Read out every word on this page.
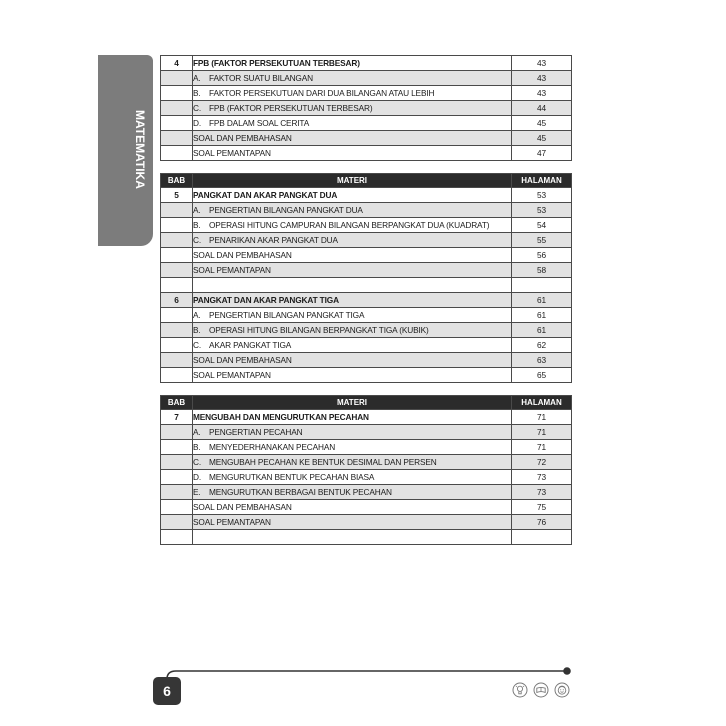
MATEMATIKA
4	FPB (FAKTOR PERSEKUTUAN TERBESAR)	43
	A. FAKTOR SUATU BILANGAN	43
	B. FAKTOR PERSEKUTUAN DARI DUA BILANGAN ATAU LEBIH	43
	C. FPB (FAKTOR PERSEKUTUAN TERBESAR)	44
	D. FPB DALAM SOAL CERITA	45
	SOAL DAN PEMBAHASAN	45
	SOAL PEMANTAPAN	47
BAB	MATERI	HALAMAN
5	PANGKAT DAN AKAR PANGKAT DUA	53
	A. PENGERTIAN BILANGAN PANGKAT DUA	53
	B. OPERASI HITUNG CAMPURAN BILANGAN BERPANGKAT DUA (KUADRAT)	54
	C. PENARIKAN AKAR PANGKAT DUA	55
	SOAL DAN PEMBAHASAN	56
	SOAL PEMANTAPAN	58

6	PANGKAT DAN AKAR PANGKAT TIGA	61
	A. PENGERTIAN BILANGAN PANGKAT TIGA	61
	B. OPERASI HITUNG BILANGAN BERPANGKAT TIGA (KUBIK)	61
	C. AKAR PANGKAT TIGA	62
	SOAL DAN PEMBAHASAN	63
	SOAL PEMANTAPAN	65
BAB	MATERI	HALAMAN
7	MENGUBAH DAN MENGURUTKAN PECAHAN	71
	A. PENGERTIAN PECAHAN	71
	B. MENYEDERHANAKAN PECAHAN	71
	C. MENGUBAH PECAHAN KE BENTUK DESIMAL DAN PERSEN	72
	D. MENGURUTKAN BENTUK PECAHAN BIASA	73
	E. MENGURUTKAN BERBAGAI BENTUK PECAHAN	73
	SOAL DAN PEMBAHASAN	75
	SOAL PEMANTAPAN	76

6
